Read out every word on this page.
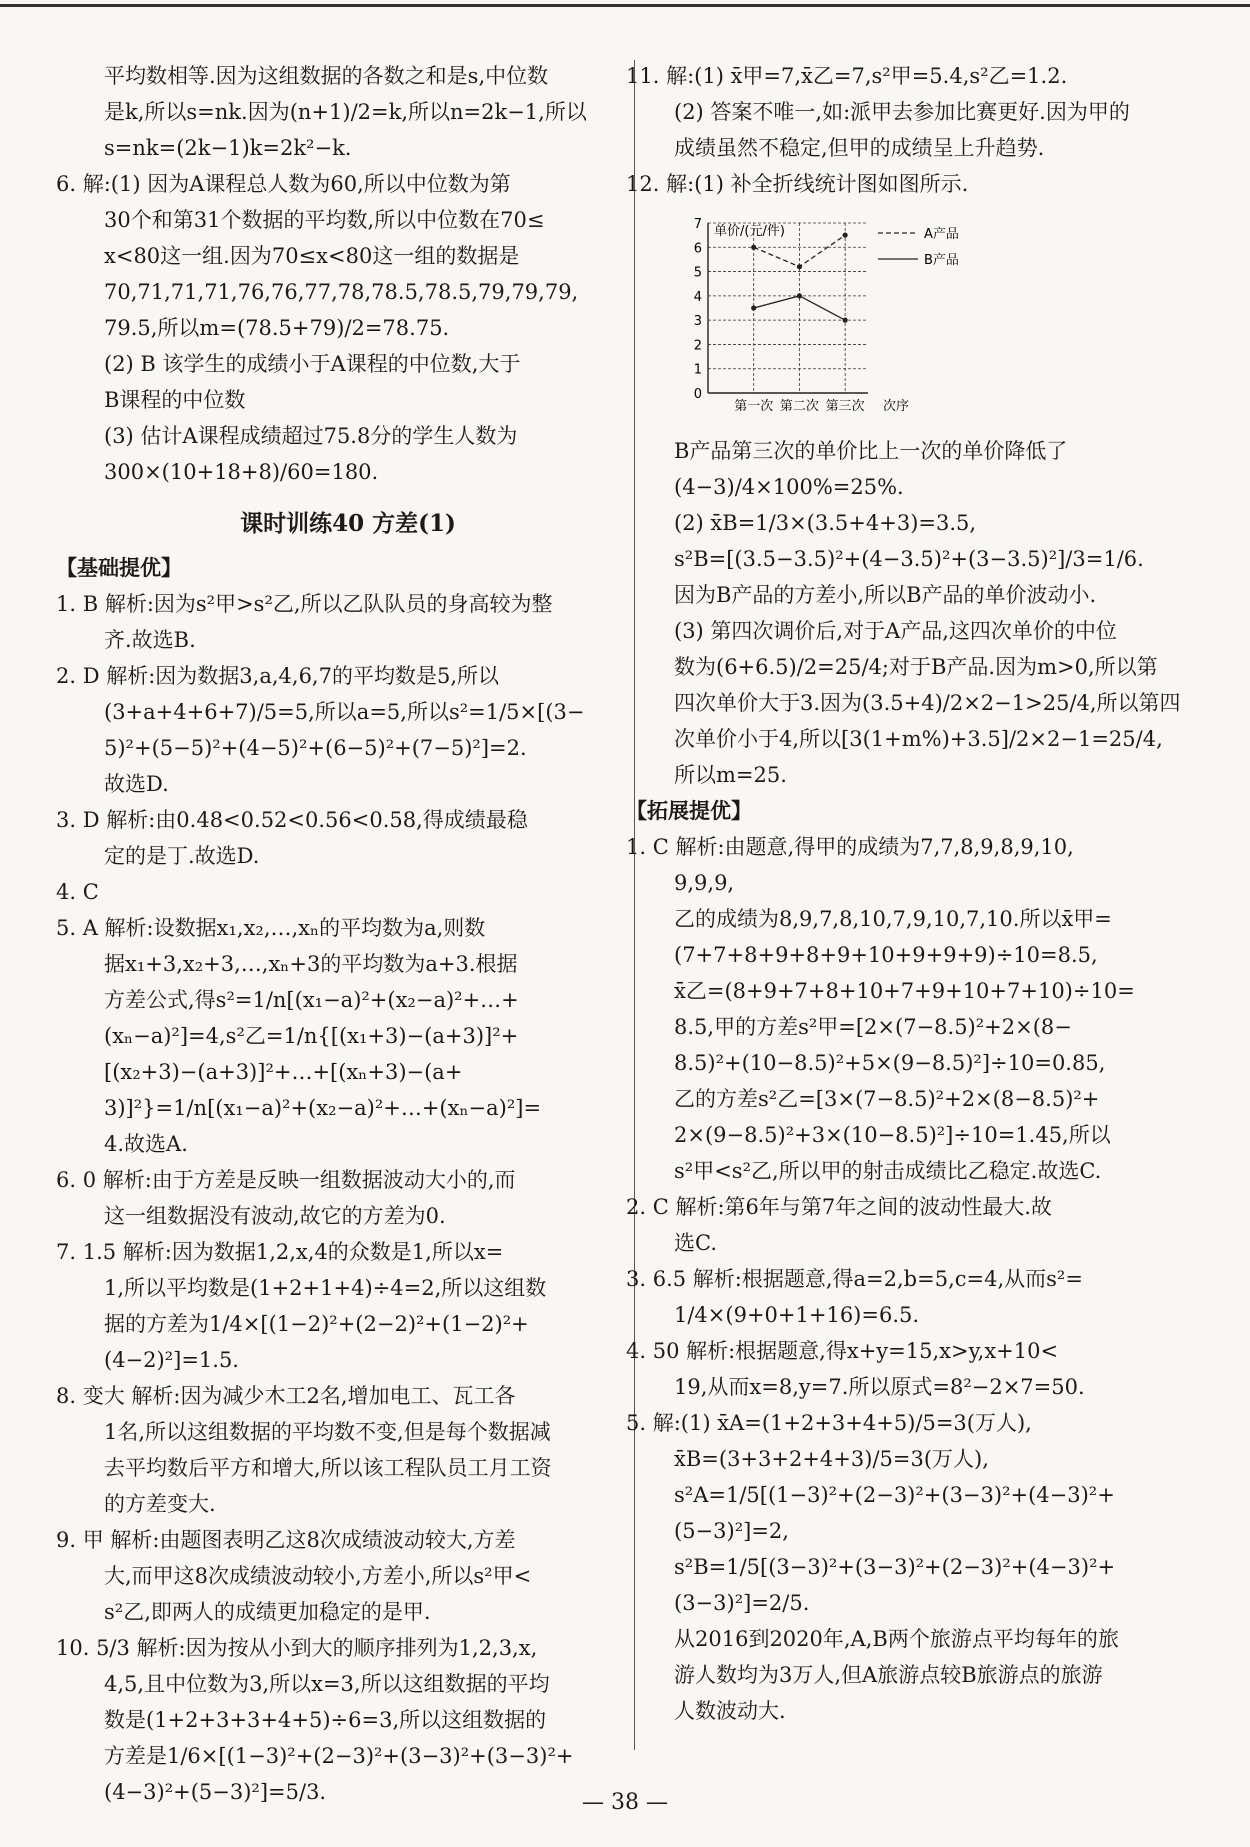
平均数相等.因为这组数据的各数之和是s,中位数

是k,所以s=nk.因为(n+1)/2=k,所以n=2k−1,所以

s=nk=(2k−1)k=2k²−k.

6. 解:(1) 因为A课程总人数为60,所以中位数为第

30个和第31个数据的平均数,所以中位数在70≤

x<80这一组.因为70≤x<80这一组的数据是

70,71,71,71,76,76,77,78,78.5,78.5,79,79,79,

79.5,所以m=(78.5+79)/2=78.75.

(2) B 该学生的成绩小于A课程的中位数,大于

B课程的中位数

(3) 估计A课程成绩超过75.8分的学生人数为

300×(10+18+8)/60=180.

课时训练40 方差(1)

【基础提优】

1. B 解析:因为s²甲>s²乙,所以乙队队员的身高较为整

齐.故选B.

2. D 解析:因为数据3,a,4,6,7的平均数是5,所以

(3+a+4+6+7)/5=5,所以a=5,所以s²=1/5×[(3−

5)²+(5−5)²+(4−5)²+(6−5)²+(7−5)²]=2.

故选D.

3. D 解析:由0.48<0.52<0.56<0.58,得成绩最稳

定的是丁.故选D.

4. C

5. A 解析:设数据x₁,x₂,…,xₙ的平均数为a,则数

据x₁+3,x₂+3,…,xₙ+3的平均数为a+3.根据

方差公式,得s²=1/n[(x₁−a)²+(x₂−a)²+…+

(xₙ−a)²]=4,s²乙=1/n{[(x₁+3)−(a+3)]²+

[(x₂+3)−(a+3)]²+…+[(xₙ+3)−(a+

3)]²}=1/n[(x₁−a)²+(x₂−a)²+…+(xₙ−a)²]=

4.故选A.

6. 0 解析:由于方差是反映一组数据波动大小的,而

这一组数据没有波动,故它的方差为0.

7. 1.5 解析:因为数据1,2,x,4的众数是1,所以x=

1,所以平均数是(1+2+1+4)÷4=2,所以这组数

据的方差为1/4×[(1−2)²+(2−2)²+(1−2)²+

(4−2)²]=1.5.

8. 变大 解析:因为减少木工2名,增加电工、瓦工各

1名,所以这组数据的平均数不变,但是每个数据减

去平均数后平方和增大,所以该工程队员工月工资

的方差变大.

9. 甲 解析:由题图表明乙这8次成绩波动较大,方差

大,而甲这8次成绩波动较小,方差小,所以s²甲<

s²乙,即两人的成绩更加稳定的是甲.

10. 5/3 解析:因为按从小到大的顺序排列为1,2,3,x,

4,5,且中位数为3,所以x=3,所以这组数据的平均

数是(1+2+3+3+4+5)÷6=3,所以这组数据的

方差是1/6×[(1−3)²+(2−3)²+(3−3)²+(3−3)²+

(4−3)²+(5−3)²]=5/3.

11. 解:(1) x̄甲=7,x̄乙=7,s²甲=5.4,s²乙=1.2.

(2) 答案不唯一,如:派甲去参加比赛更好.因为甲的

成绩虽然不稳定,但甲的成绩呈上升趋势.

12. 解:(1) 补全折线统计图如图所示.

0
1
2
3
4
5
6
7
第一次 第二次 第三次 次序
单价/(元/件)	A产品
B产品

B产品第三次的单价比上一次的单价降低了

(4−3)/4×100%=25%.

(2) x̄B=1/3×(3.5+4+3)=3.5,

s²B=[(3.5−3.5)²+(4−3.5)²+(3−3.5)²]/3=1/6.

因为B产品的方差小,所以B产品的单价波动小.

(3) 第四次调价后,对于A产品,这四次单价的中位

数为(6+6.5)/2=25/4;对于B产品.因为m>0,所以第

四次单价大于3.因为(3.5+4)/2×2−1>25/4,所以第四

次单价小于4,所以[3(1+m%)+3.5]/2×2−1=25/4,

所以m=25.

【拓展提优】

1. C 解析:由题意,得甲的成绩为7,7,8,9,8,9,10,

9,9,9,

乙的成绩为8,9,7,8,10,7,9,10,7,10.所以x̄甲=

(7+7+8+9+8+9+10+9+9+9)÷10=8.5,

x̄乙=(8+9+7+8+10+7+9+10+7+10)÷10=

8.5,甲的方差s²甲=[2×(7−8.5)²+2×(8−

8.5)²+(10−8.5)²+5×(9−8.5)²]÷10=0.85,

乙的方差s²乙=[3×(7−8.5)²+2×(8−8.5)²+

2×(9−8.5)²+3×(10−8.5)²]÷10=1.45,所以

s²甲<s²乙,所以甲的射击成绩比乙稳定.故选C.

2. C 解析:第6年与第7年之间的波动性最大.故

选C.

3. 6.5 解析:根据题意,得a=2,b=5,c=4,从而s²=

1/4×(9+0+1+16)=6.5.

4. 50 解析:根据题意,得x+y=15,x>y,x+10<

19,从而x=8,y=7.所以原式=8²−2×7=50.

5. 解:(1) x̄A=(1+2+3+4+5)/5=3(万人),

x̄B=(3+3+2+4+3)/5=3(万人),

s²A=1/5[(1−3)²+(2−3)²+(3−3)²+(4−3)²+

(5−3)²]=2,

s²B=1/5[(3−3)²+(3−3)²+(2−3)²+(4−3)²+

(3−3)²]=2/5.

从2016到2020年,A,B两个旅游点平均每年的旅

游人数均为3万人,但A旅游点较B旅游点的旅游

人数波动大.

— 38 —
